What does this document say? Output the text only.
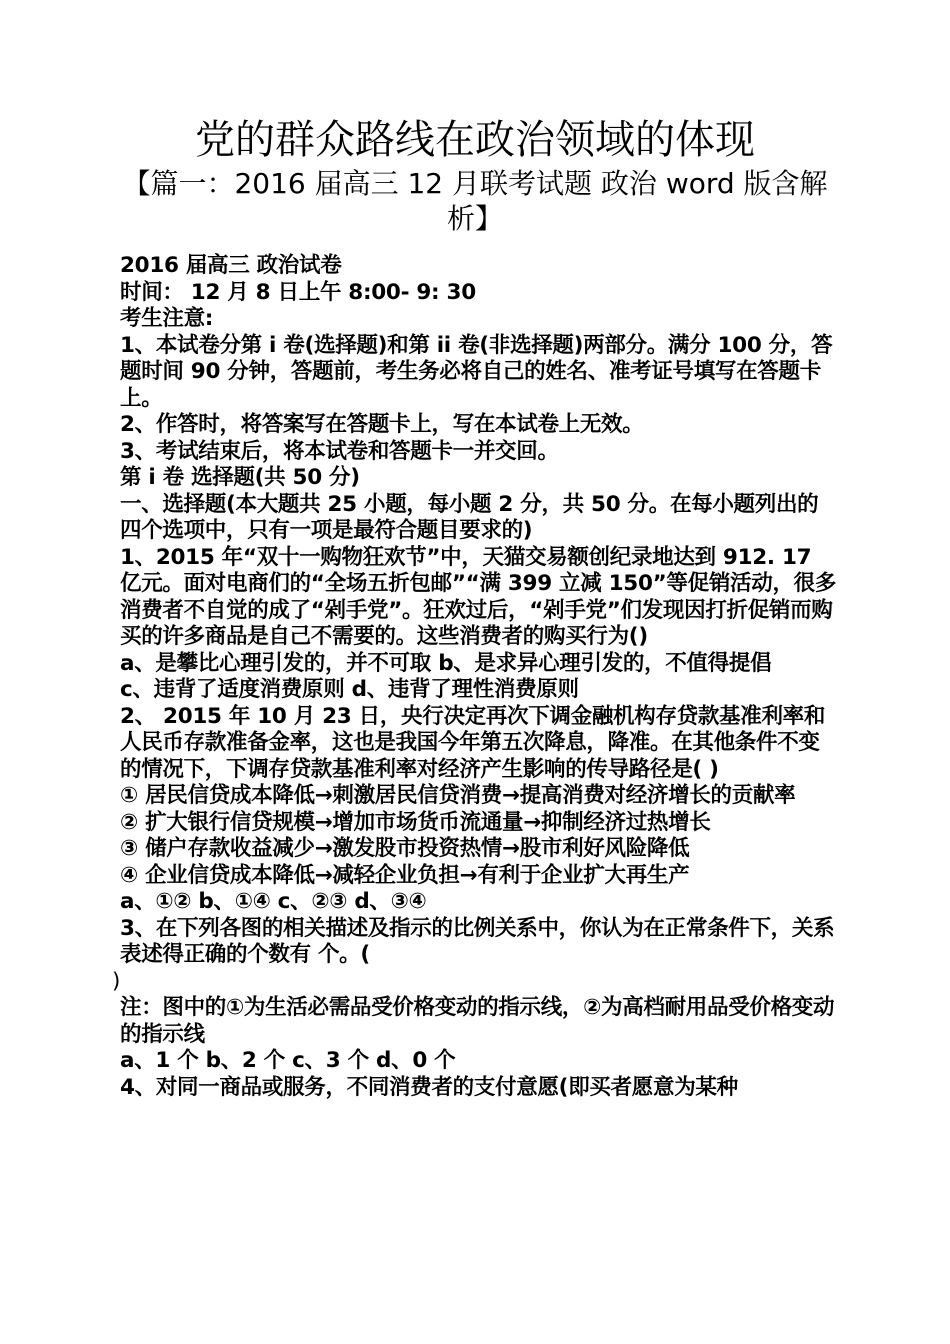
党的群众路线在政治领域的体现
【篇一：2016 届高三 12 月联考试题 政治 word 版含解析】

2016 届高三 政治试卷

时间： 12 月 8 日上午 8:00- 9: 30

考生注意:

1、本试卷分第 i 卷(选择题)和第 ii 卷(非选择题)两部分。满分 100 分，答题时间 90 分钟，答题前，考生务必将自己的姓名、准考证号填写在答题卡上。

2、作答时，将答案写在答题卡上，写在本试卷上无效。

3、考试结束后，将本试卷和答题卡一并交回。

第 i 卷 选择题(共 50 分)

一、选择题(本大题共 25 小题，每小题 2 分，共 50 分。在每小题列出的四个选项中，只有一项是最符合题目要求的)

1、2015 年“双十一购物狂欢节”中，天猫交易额创纪录地达到 912. 17 亿元。面对电商们的“全场五折包邮”“满 399 立减 150”等促销活动，很多消费者不自觉的成了“剁手党”。狂欢过后，“剁手党”们发现因打折促销而购买的许多商品是自己不需要的。这些消费者的购买行为()

a、是攀比心理引发的，并不可取 b、是求异心理引发的，不值得提倡

c、违背了适度消费原则 d、违背了理性消费原则

2、 2015 年 10 月 23 日，央行决定再次下调金融机构存贷款基准利率和人民币存款准备金率，这也是我国今年第五次降息，降准。在其他条件不变的情况下，下调存贷款基准利率对经济产生影响的传导路径是( )

① 居民信贷成本降低→刺激居民信贷消费→提高消费对经济增长的贡献率

② 扩大银行信贷规模→增加市场货币流通量→抑制经济过热增长

③ 储户存款收益减少→激发股市投资热情→股市利好风险降低

④ 企业信贷成本降低→减轻企业负担→有利于企业扩大再生产

a、①② b、①④ c、②③ d、③④

3、在下列各图的相关描述及指示的比例关系中，你认为在正常条件下，关系表述得正确的个数有 个。(

)

注：图中的①为生活必需品受价格变动的指示线，②为高档耐用品受价格变动的指示线

a、1 个 b、2 个 c、3 个 d、0 个

4、对同一商品或服务，不同消费者的支付意愿(即买者愿意为某种
